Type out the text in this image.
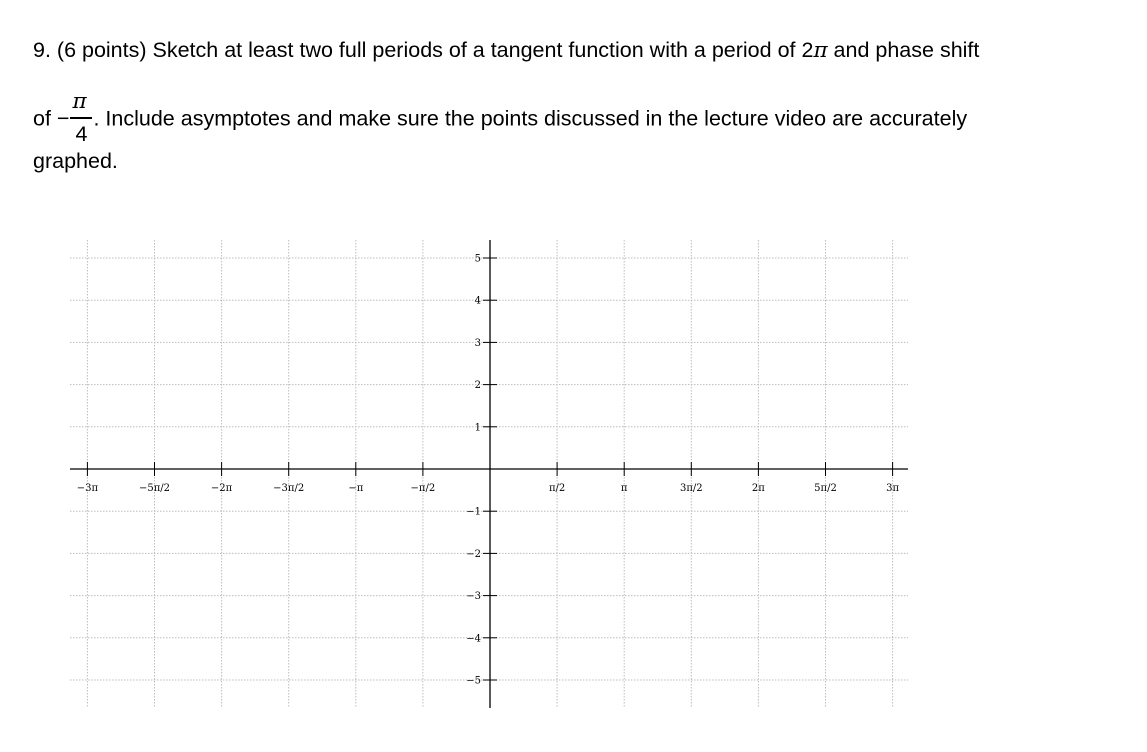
9. (6 points) Sketch at least two full periods of a tangent function with a period of 2π and phase shift
of − $\frac{\pi}{4}$ . Include asymptotes and make sure the points discussed in the lecture video are accurately
graphed.
−3π	−5π/2	−2π	−3π/2	−π	−π/2	π/2	π	3π/2	2π	5π/2	3π
5
4
3
2
1
−1
−2
−3
−4
−5
